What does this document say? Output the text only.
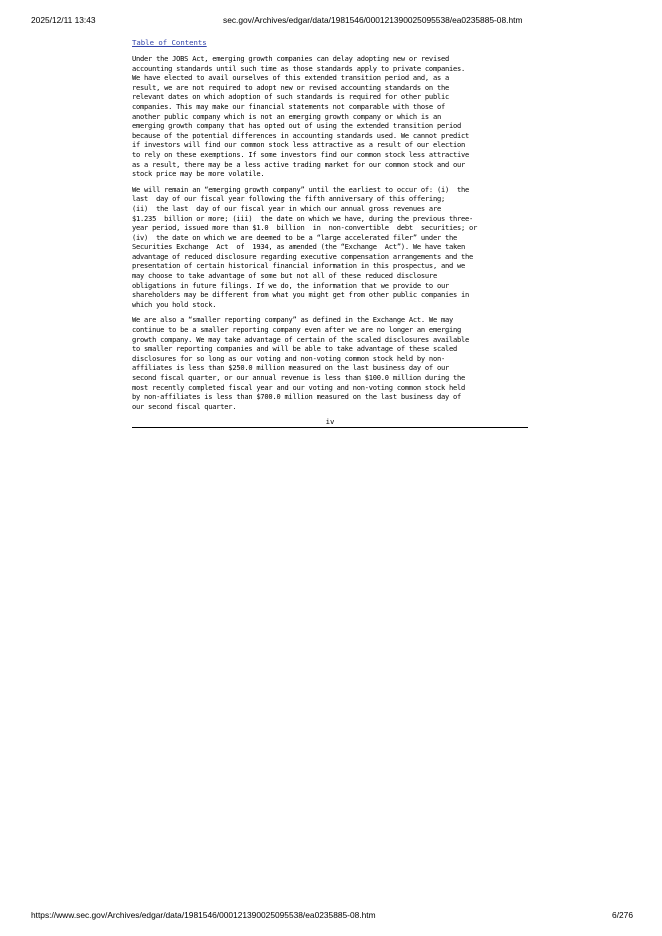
2025/12/11 13:43	sec.gov/Archives/edgar/data/1981546/000121390025095538/ea0235885-08.htm
Table of Contents
Under the JOBS Act, emerging growth companies can delay adopting new or revised
accounting standards until such time as those standards apply to private companies.
We have elected to avail ourselves of this extended transition period and, as a
result, we are not required to adopt new or revised accounting standards on the
relevant dates on which adoption of such standards is required for other public
companies. This may make our financial statements not comparable with those of
another public company which is not an emerging growth company or which is an
emerging growth company that has opted out of using the extended transition period
because of the potential differences in accounting standards used. We cannot predict
if investors will find our common stock less attractive as a result of our election
to rely on these exemptions. If some investors find our common stock less attractive
as a result, there may be a less active trading market for our common stock and our
stock price may be more volatile.
We will remain an “emerging growth company” until the earliest to occur of: (i)  the
last  day of our fiscal year following the fifth anniversary of this offering;
(ii)  the last  day of our fiscal year in which our annual gross revenues are
$1.235  billion or more; (iii)  the date on which we have, during the previous three-
year period, issued more than $1.0  billion  in  non-convertible  debt  securities; or
(iv)  the date on which we are deemed to be a “large accelerated filer” under the
Securities Exchange  Act  of  1934, as amended (the “Exchange  Act”). We have taken
advantage of reduced disclosure regarding executive compensation arrangements and the
presentation of certain historical financial information in this prospectus, and we
may choose to take advantage of some but not all of these reduced disclosure
obligations in future filings. If we do, the information that we provide to our
shareholders may be different from what you might get from other public companies in
which you hold stock.
We are also a “smaller reporting company” as defined in the Exchange Act. We may
continue to be a smaller reporting company even after we are no longer an emerging
growth company. We may take advantage of certain of the scaled disclosures available
to smaller reporting companies and will be able to take advantage of these scaled
disclosures for so long as our voting and non-voting common stock held by non-
affiliates is less than $250.0 million measured on the last business day of our
second fiscal quarter, or our annual revenue is less than $100.0 million during the
most recently completed fiscal year and our voting and non-voting common stock held
by non-affiliates is less than $700.0 million measured on the last business day of
our second fiscal quarter.
iv
https://www.sec.gov/Archives/edgar/data/1981546/000121390025095538/ea0235885-08.htm	6/276
